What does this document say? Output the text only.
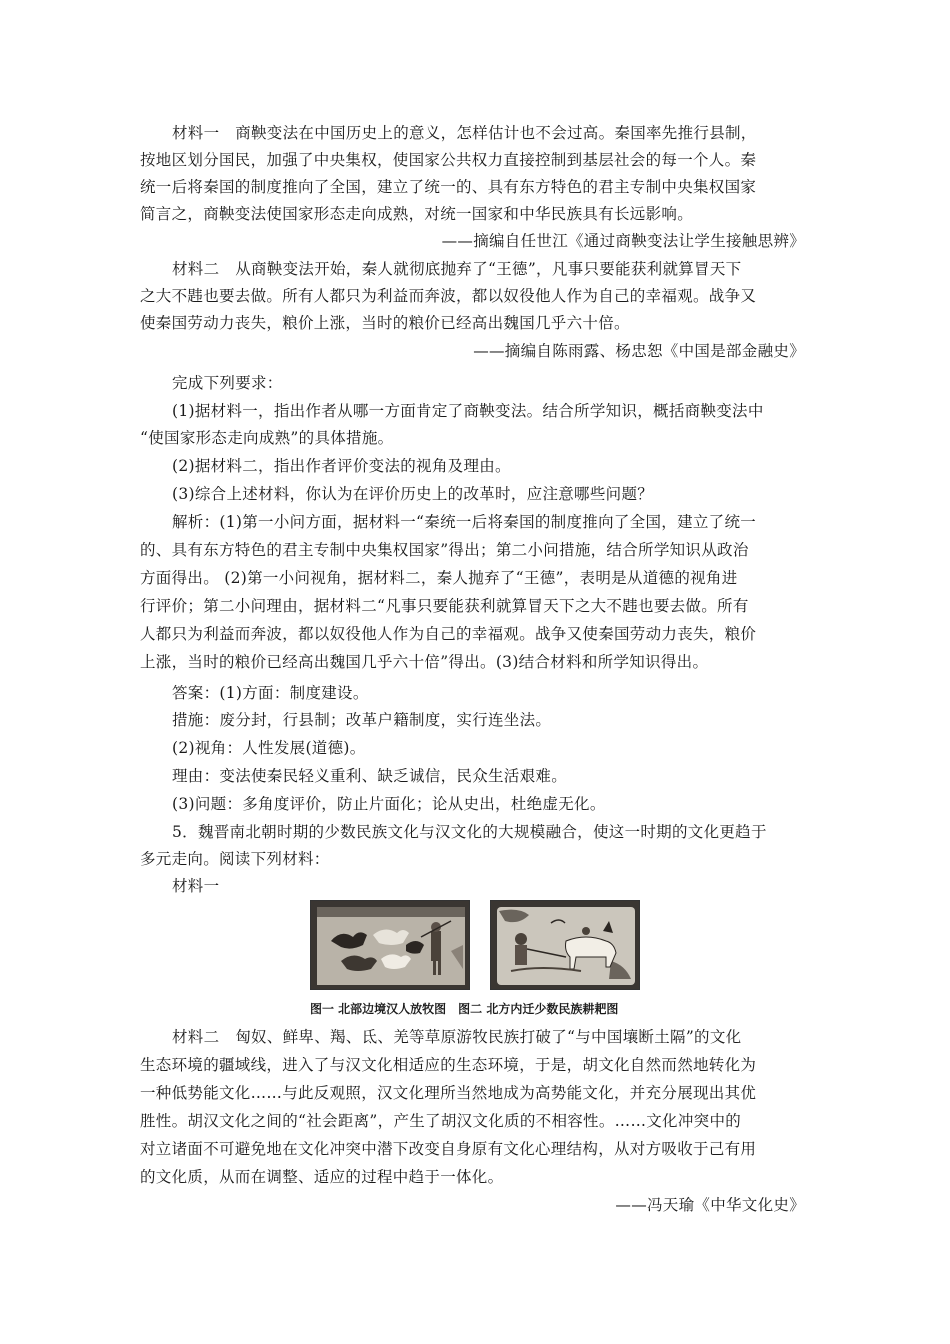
材料一　商鞅变法在中国历史上的意义，怎样估计也不会过高。秦国率先推行县制，
按地区划分国民，加强了中央集权，使国家公共权力直接控制到基层社会的每一个人。秦
统一后将秦国的制度推向了全国，建立了统一的、具有东方特色的君主专制中央集权国家
简言之，商鞅变法使国家形态走向成熟，对统一国家和中华民族具有长远影响。
——摘编自任世江《通过商鞅变法让学生接触思辨》
材料二　从商鞅变法开始，秦人就彻底抛弃了“王德”，凡事只要能获利就算冒天下
之大不韪也要去做。所有人都只为利益而奔波，都以奴役他人作为自己的幸福观。战争又
使秦国劳动力丧失，粮价上涨，当时的粮价已经高出魏国几乎六十倍。
——摘编自陈雨露、杨忠恕《中国是部金融史》
完成下列要求：
(1)据材料一，指出作者从哪一方面肯定了商鞅变法。结合所学知识，概括商鞅变法中
“使国家形态走向成熟”的具体措施。
(2)据材料二，指出作者评价变法的视角及理由。
(3)综合上述材料，你认为在评价历史上的改革时，应注意哪些问题？
解析：(1)第一小问方面，据材料一“秦统一后将秦国的制度推向了全国，建立了统一
的、具有东方特色的君主专制中央集权国家”得出；第二小问措施，结合所学知识从政治
方面得出。 (2)第一小问视角，据材料二，秦人抛弃了“王德”，表明是从道德的视角进
行评价；第二小问理由，据材料二“凡事只要能获利就算冒天下之大不韪也要去做。所有
人都只为利益而奔波，都以奴役他人作为自己的幸福观。战争又使秦国劳动力丧失，粮价
上涨，当时的粮价已经高出魏国几乎六十倍”得出。(3)结合材料和所学知识得出。
答案：(1)方面：制度建设。
措施：废分封，行县制；改革户籍制度，实行连坐法。
(2)视角：人性发展(道德)。
理由：变法使秦民轻义重利、缺乏诚信，民众生活艰难。
(3)问题：多角度评价，防止片面化；论从史出，杜绝虚无化。
5．魏晋南北朝时期的少数民族文化与汉文化的大规模融合，使这一时期的文化更趋于
多元走向。阅读下列材料：
材料一
图一 北部边境汉人放牧图　图二 北方内迁少数民族耕耙图
材料二　匈奴、鲜卑、羯、氐、羌等草原游牧民族打破了“与中国壤断土隔”的文化
生态环境的疆域线，进入了与汉文化相适应的生态环境，于是，胡文化自然而然地转化为
一种低势能文化……与此反观照，汉文化理所当然地成为高势能文化，并充分展现出其优
胜性。胡汉文化之间的“社会距离”，产生了胡汉文化质的不相容性。……文化冲突中的
对立诸面不可避免地在文化冲突中潜下改变自身原有文化心理结构，从对方吸收于己有用
的文化质，从而在调整、适应的过程中趋于一体化。
——冯天瑜《中华文化史》
